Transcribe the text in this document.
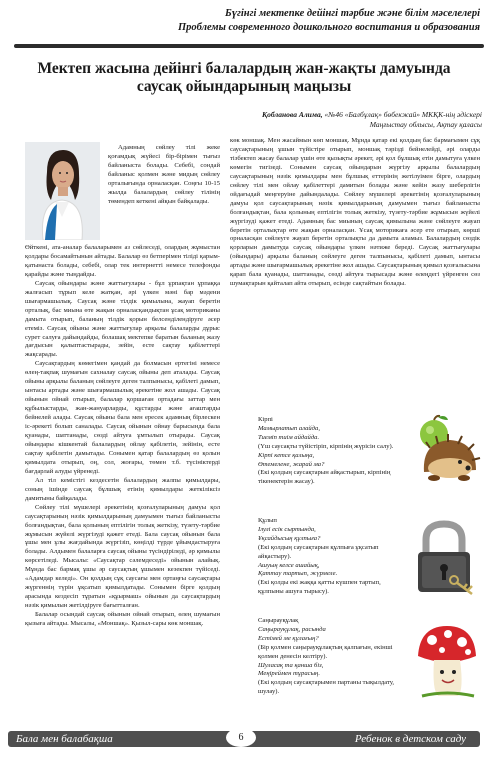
Бүгінгі мектепке дейінгі тәрбие және білім мәселелері
Проблемы современного дошкольного воспитания и образования
Мектеп жасына дейінгі балалардың жан-жақты дамуында саусақ ойындарының маңызы
Қобланова Алима, «№46 «Балбұлақ» бөбекжай» МКҚК-нің әдіскері
Маңғыстау облысы, Ақтау қаласы

Адамның сөйлеу тілі жеке қоғамдық жүйесі бір-бірімен тығыз байланыста болады. Себебі, сондай байланыс қолмен және мидың сөйлеу орталығында орналасқан. Соңғы 10-15 жылда балалардың сөйлеу тілінің төмендеп кеткені айқын байқалады.

Өйткені, ата-аналар балаларымен аз сөйлеседі, олардың жұмыстан қолдары босамайтынын айтады. Балалар өз бетперімен тіліді қарым-қатынаста болады, себебі, олар тек интернетті немесе телефонды қарайды және тыңдайды.

Саусақ ойындары және жаттығулары - бұл ұрпақтан ұрпаққа жалғасып тұрып келе жатқан, әрі үлкен мәні бар мәдени шығармашылық. Саусақ және тілдік қимылына, жауап беретін орталық, бас миына өте жақын орналасқандықтан ұсақ моториканы дамыта отырып, баланың тілдік қорын белсенділендіруге әсер етеміз. Саусақ ойыны және жаттығулар арқылы балаларды дұрыс сурет салуға дайындайды, болашақ мектепке баратын баланың жазу дағдысын қалыптастырады, зейін, есте сақтау қабілеттері жақсарады.

Саусақтардың көмегімен қандай да болмасын ертегіні немесе өлең-тақпақ шумағын сахналау саусақ ойыны деп аталады. Саусақ ойыны арқылы баланың сөйлеуге деген талпынысы, қабілеті дамып, ынтасы артады және шығармашылық әрекетіне жол ашады. Саусақ ойынын ойнай отырып, балалар қоршаған ортадағы заттар мен құбылыстарды, жан-жануарларды, құстарды және ағаштарды бейнелей алады. Саусақ ойыны бала мен ересек адамның бірлескен іс-әрекеті болып саналады. Саусақ ойынын ойнау барысында бала қуанады, шаттанады, сөзді айтуға ұмтылып отырады. Саусақ ойындары кішкентай балалардың ойлау қабілетін, зейінін, есте сақтау қабілетін дамытады. Сонымен қатар балалардың өз қолын қимылдата отырып, оң, сол, жоғары, төмен т.б. түсініктерді бағдарлай алуды үйренеді.

Ал тіл кемістігі кездесетін балалардың жалпы қимылдары, соның ішінде саусақ бұлшық етінің қимылдары жеткіліксіз дамитыны байқалады.

Сөйлеу тілі мүшелері әрекетінің қозғалуларының дамуы қол саусақтарының нәзік қимылдарының дамуымен тығыз байланысты болғандықтан, бала қолының ептілігін толық жеткізу, түзету-тәрбие жұмысын жүйелі жүргізуді қажет етеді. Бала саусақ ойынын бала ұшы мен ұлы жағдайында жүргізіп, көңілді түрде ұйымдастыруға болады. Алдымен балаларға саусақ ойыны түсіндіріледі, әр қимылы көрсетіледі. Мысалы: «Саусақтар сәлемдеседі» ойынын алайық. Мұнда бас бармақ ұшы әр саусақтың ұшымен кезекпен түйіседі. «Адамдар келеді». Он қолдың сұқ саусағы мен ортаңғы саусақтары жүргеннің түрін ұқсатып қимылдатады. Сонымен бірге қолдың арасында кездесіп тұратын «құырмаш» ойынын да саусақтардың нәзік қимылын жетілдіруге бағытталған.

Балалар осындай саусақ ойынын ойнай отырып, өлең шумағын қызыға айтады. Мысалы, «Моншақ». Қызыл-сары көк моншақ.

көк моншақ. Мен жасаймын көп моншақ. Мұнда қатар екі қолдың бас бармағымен сұқ саусақтарының ұшын түйістіре отырып, моншақ тәрізді бейнелейді, әрі оларды тізбектеп жасау балалар үшін өте қызықты әрекет, әрі қол бұлшық етін дамытуға үлкен көмегін тигізеді. Сонымен саусақ ойындарын жүргізу арқылы балалардың саусақтарының нәзік қимылдары мен бұлшық еттерінің жетілуімен бірге, олардың сөйлеу тілі мен ойлау қабілеттері дамитын болады және кейін жазу шеберлігін ойдағыдай меңгеруіне дайындалады. Сөйлеу мүшелері әрекетінің қозғалуларының дамуы қол саусақтарының нәзік қимылдарының дамуымен тығыз байланысты болғандықтан, бала қолының ептілігін толық жеткізу, түзету-тәрбие жұмысын жүйелі жүргізуді қажет етеді. Адамның бас миының саусақ қимылына және сөйлеуге жауап беретін орталықтар өте жақын орналасқан. Ұсақ моторикаға әсер ете отырып, көрші орналасқан сөйлеуге жауап беретін орталықты да дамыта аламыз. Балалардың сөздік қорларын дамытуда саусақ ойындары үлкен нәтиже береді. Саусақ жаттығулары (ойындары) арқылы баланың сөйлеуге деген талпынысы, қабілеті дамып, ынтасы артады және шығармашылық әрекетіне жол ашады. Саусақтарының қимыл қозғалысына қарап бала қуанады, шаттанады, сөзді айтуға тырысады және өлеңдегі үйренген сөз шумақтарын қайталап айта отырып, есінде сақтайтын болады.

Кірпі
Мамырлатып алайда,
Тиеміп тиім айдайда.
(Үш саусақты түйістіріп, кірпінің жүрісін салу).
Кірпі кетсе қалыңа,
Өтемелене, жарай ма?
(Екі қолдың саусақтарын айқастырып, кірпінің тікенектерін жасау).
Құлып
Ілулі есік сыртында,
Ұқсайдысың құлпыға?
(Екі қолдың саусақтарын құлпыға ұқсатып айқастыру).
Ашуың келсе ашайық,
Қаттау тартып, жүрмеле.
(Екі қолды екі жаққа қатты күшпен тартып, құлпыны ашуға тырысу).
Саңырауқұлақ
Саңырауқұлақ, расында
Естімей ме құлағың?
(Бір қолмен саңырауқұлақтың қалпағын, екінші қолмен денесін келтіру).
Шуласақ та қанша біз,
Меңіреймен тұрасың.
(Екі қолдың саусақтарымен партаны тықылдату, шулау).
Бала мен балабақша	6	Ребенок в детском саду
